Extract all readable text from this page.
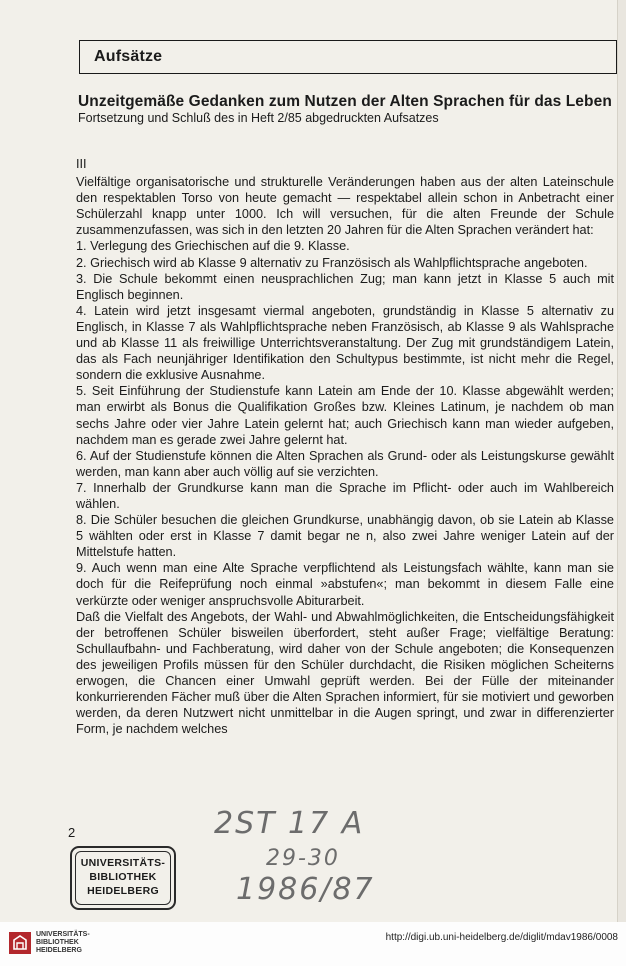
Aufsätze
Unzeitgemäße Gedanken zum Nutzen der Alten Sprachen für das Leben
Fortsetzung und Schluß des in Heft 2/85 abgedruckten Aufsatzes

III

Vielfältige organisatorische und strukturelle Veränderungen haben aus der alten Lateinschule den respektablen Torso von heute gemacht — respektabel allein schon in Anbetracht einer Schülerzahl knapp unter 1000. Ich will versuchen, für die alten Freunde der Schule zusammenzufassen, was sich in den letzten 20 Jahren für die Alten Sprachen verändert hat:

1. Verlegung des Griechischen auf die 9. Klasse.

2. Griechisch wird ab Klasse 9 alternativ zu Französisch als Wahlpflichtsprache angeboten.

3. Die Schule bekommt einen neusprachlichen Zug; man kann jetzt in Klasse 5 auch mit Englisch beginnen.

4. Latein wird jetzt insgesamt viermal angeboten, grundständig in Klasse 5 alternativ zu Englisch, in Klasse 7 als Wahlpflichtsprache neben Französisch, ab Klasse 9 als Wahlsprache und ab Klasse 11 als freiwillige Unterrichtsveranstaltung. Der Zug mit grundständigem Latein, das als Fach neunjähriger Identifikation den Schultypus bestimmte, ist nicht mehr die Regel, sondern die exklusive Ausnahme.

5. Seit Einführung der Studienstufe kann Latein am Ende der 10. Klasse abgewählt werden; man erwirbt als Bonus die Qualifikation Großes bzw. Kleines Latinum, je nachdem ob man sechs Jahre oder vier Jahre Latein gelernt hat; auch Griechisch kann man wieder aufgeben, nachdem man es gerade zwei Jahre gelernt hat.

6. Auf der Studienstufe können die Alten Sprachen als Grund- oder als Leistungskurse gewählt werden, man kann aber auch völlig auf sie verzichten.

7. Innerhalb der Grundkurse kann man die Sprache im Pflicht- oder auch im Wahlbereich wählen.

8. Die Schüler besuchen die gleichen Grundkurse, unabhängig davon, ob sie Latein ab Klasse 5 wählten oder erst in Klasse 7 damit begar ne n, also zwei Jahre weniger Latein auf der Mittelstufe hatten.

9. Auch wenn man eine Alte Sprache verpflichtend als Leistungsfach wählte, kann man sie doch für die Reifeprüfung noch einmal »abstufen«; man bekommt in diesem Falle eine verkürzte oder weniger anspruchsvolle Abiturarbeit.

Daß die Vielfalt des Angebots, der Wahl- und Abwahlmöglichkeiten, die Entscheidungsfähigkeit der betroffenen Schüler bisweilen überfordert, steht außer Frage; vielfältige Beratung: Schullaufbahn- und Fachberatung, wird daher von der Schule angeboten; die Konsequenzen des jeweiligen Profils müssen für den Schüler durchdacht, die Risiken möglichen Scheiterns erwogen, die Chancen einer Umwahl geprüft werden. Bei der Fülle der miteinander konkurrierenden Fächer muß über die Alten Sprachen informiert, für sie motiviert und geworben werden, da deren Nutzwert nicht unmittelbar in die Augen springt, und zwar in differenzierter Form, je nachdem welches

2	2ST 17 A
29-30
1986/87
UNIVERSITÄTS-
BIBLIOTHEK
HEIDELBERG
UNIVERSITÄTS-
BIBLIOTHEK
HEIDELBERG
http://digi.ub.uni-heidelberg.de/diglit/mdav1986/0008
